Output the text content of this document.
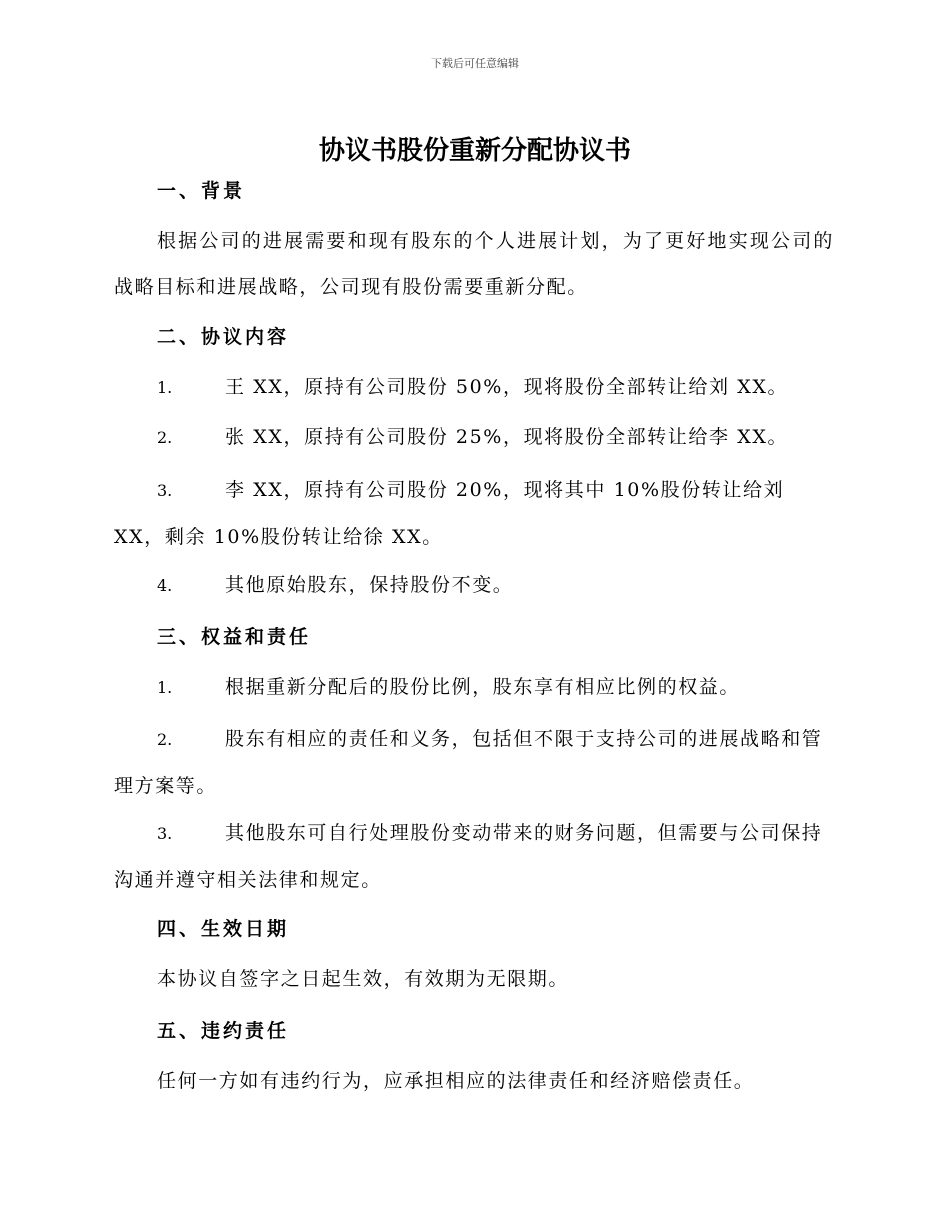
下载后可任意编辑
协议书股份重新分配协议书
一、背景

根据公司的进展需要和现有股东的个人进展计划，为了更好地实现公司的战略目标和进展战略，公司现有股份需要重新分配。

二、协议内容

1.	王 XX，原持有公司股份 50%，现将股份全部转让给刘 XX。

2.	张 XX，原持有公司股份 25%，现将股份全部转让给李 XX。

3.	李 XX，原持有公司股份 20%，现将其中 10%股份转让给刘 XX，剩余 10%股份转让给徐 XX。

4.	其他原始股东，保持股份不变。

三、权益和责任

1.	根据重新分配后的股份比例，股东享有相应比例的权益。

2.	股东有相应的责任和义务，包括但不限于支持公司的进展战略和管理方案等。

3.	其他股东可自行处理股份变动带来的财务问题，但需要与公司保持沟通并遵守相关法律和规定。

四、生效日期

本协议自签字之日起生效，有效期为无限期。

五、违约责任

任何一方如有违约行为，应承担相应的法律责任和经济赔偿责任。
